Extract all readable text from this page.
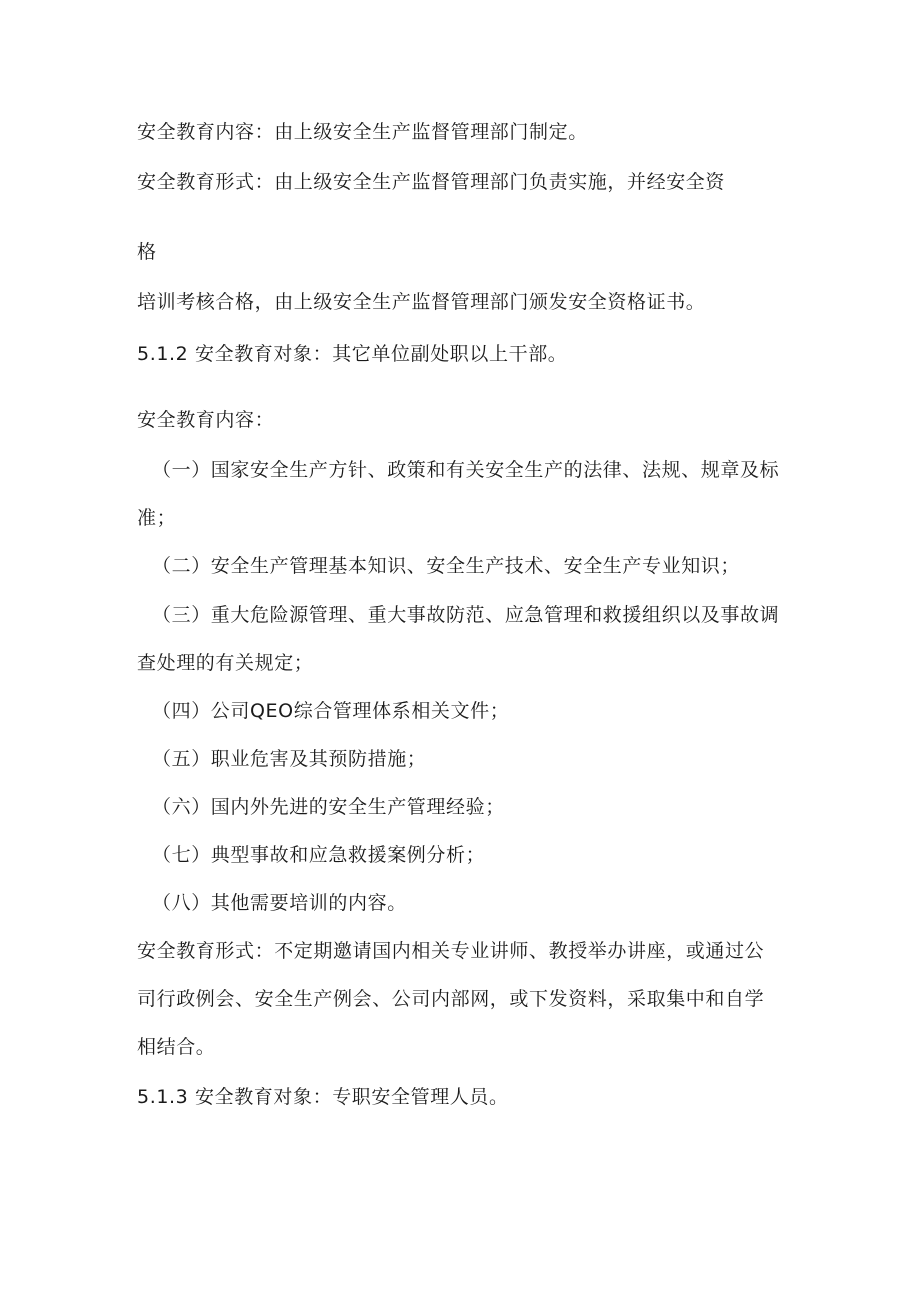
安全教育内容：由上级安全生产监督管理部门制定。
安全教育形式：由上级安全生产监督管理部门负责实施，并经安全资
格
培训考核合格，由上级安全生产监督管理部门颁发安全资格证书。
5.1.2 安全教育对象：其它单位副处职以上干部。
安全教育内容：
（一）国家安全生产方针、政策和有关安全生产的法律、法规、规章及标
准；
（二）安全生产管理基本知识、安全生产技术、安全生产专业知识；
（三）重大危险源管理、重大事故防范、应急管理和救援组织以及事故调
查处理的有关规定；
（四）公司QEO综合管理体系相关文件；
（五）职业危害及其预防措施；
（六）国内外先进的安全生产管理经验；
（七）典型事故和应急救援案例分析；
（八）其他需要培训的内容。
安全教育形式：不定期邀请国内相关专业讲师、教授举办讲座，或通过公
司行政例会、安全生产例会、公司内部网，或下发资料，采取集中和自学
相结合。
5.1.3 安全教育对象：专职安全管理人员。
